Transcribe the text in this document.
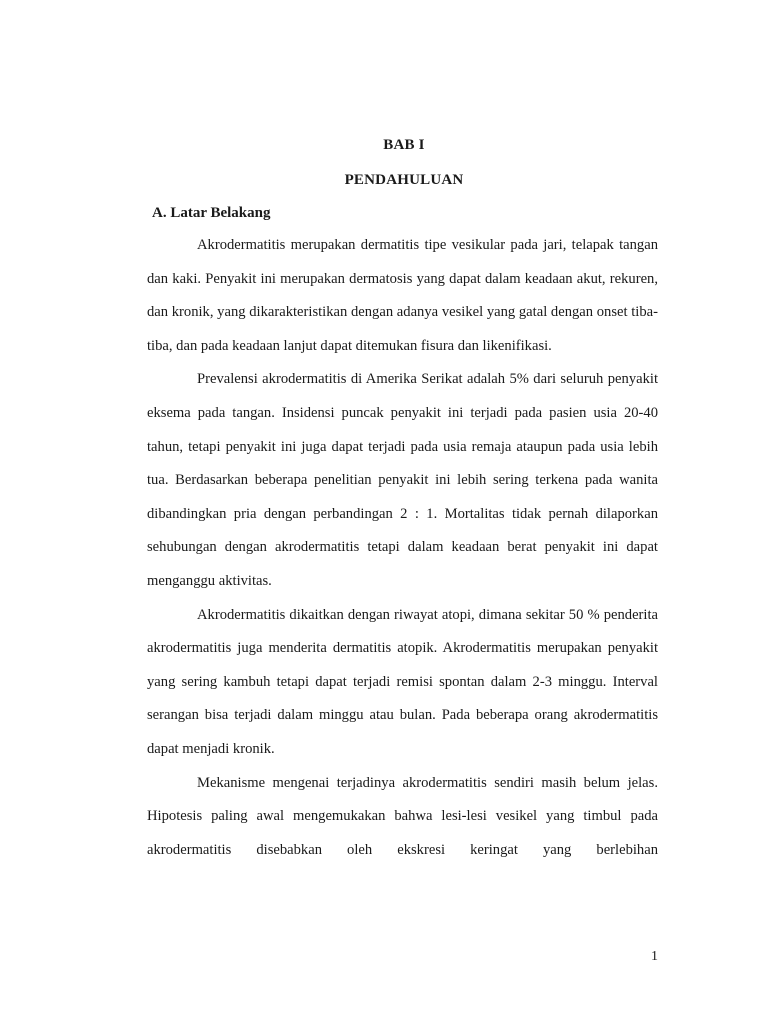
BAB I
PENDAHULUAN
A. Latar Belakang

Akrodermatitis merupakan dermatitis tipe vesikular pada jari, telapak tangan dan kaki. Penyakit ini merupakan dermatosis yang dapat dalam keadaan akut, rekuren, dan kronik, yang dikarakteristikan dengan adanya vesikel yang gatal dengan onset tiba-tiba, dan pada keadaan lanjut dapat ditemukan fisura dan likenifikasi.

Prevalensi akrodermatitis di Amerika Serikat adalah 5% dari seluruh penyakit eksema pada tangan. Insidensi puncak penyakit ini terjadi pada pasien usia 20-40 tahun, tetapi penyakit ini juga dapat terjadi pada usia remaja ataupun pada usia lebih tua. Berdasarkan beberapa penelitian penyakit ini lebih sering terkena pada wanita dibandingkan pria dengan perbandingan 2 : 1. Mortalitas tidak pernah dilaporkan sehubungan dengan akrodermatitis tetapi dalam keadaan berat penyakit ini dapat menganggu aktivitas.

Akrodermatitis dikaitkan dengan riwayat atopi, dimana sekitar 50 % penderita akrodermatitis juga menderita dermatitis atopik. Akrodermatitis merupakan penyakit yang sering kambuh tetapi dapat terjadi remisi spontan dalam 2-3 minggu. Interval serangan bisa terjadi dalam minggu atau bulan. Pada beberapa orang akrodermatitis dapat menjadi kronik.

Mekanisme mengenai terjadinya akrodermatitis sendiri masih belum jelas. Hipotesis paling awal mengemukakan bahwa lesi-lesi vesikel yang timbul pada akrodermatitis disebabkan oleh ekskresi keringat yang berlebihan

1
